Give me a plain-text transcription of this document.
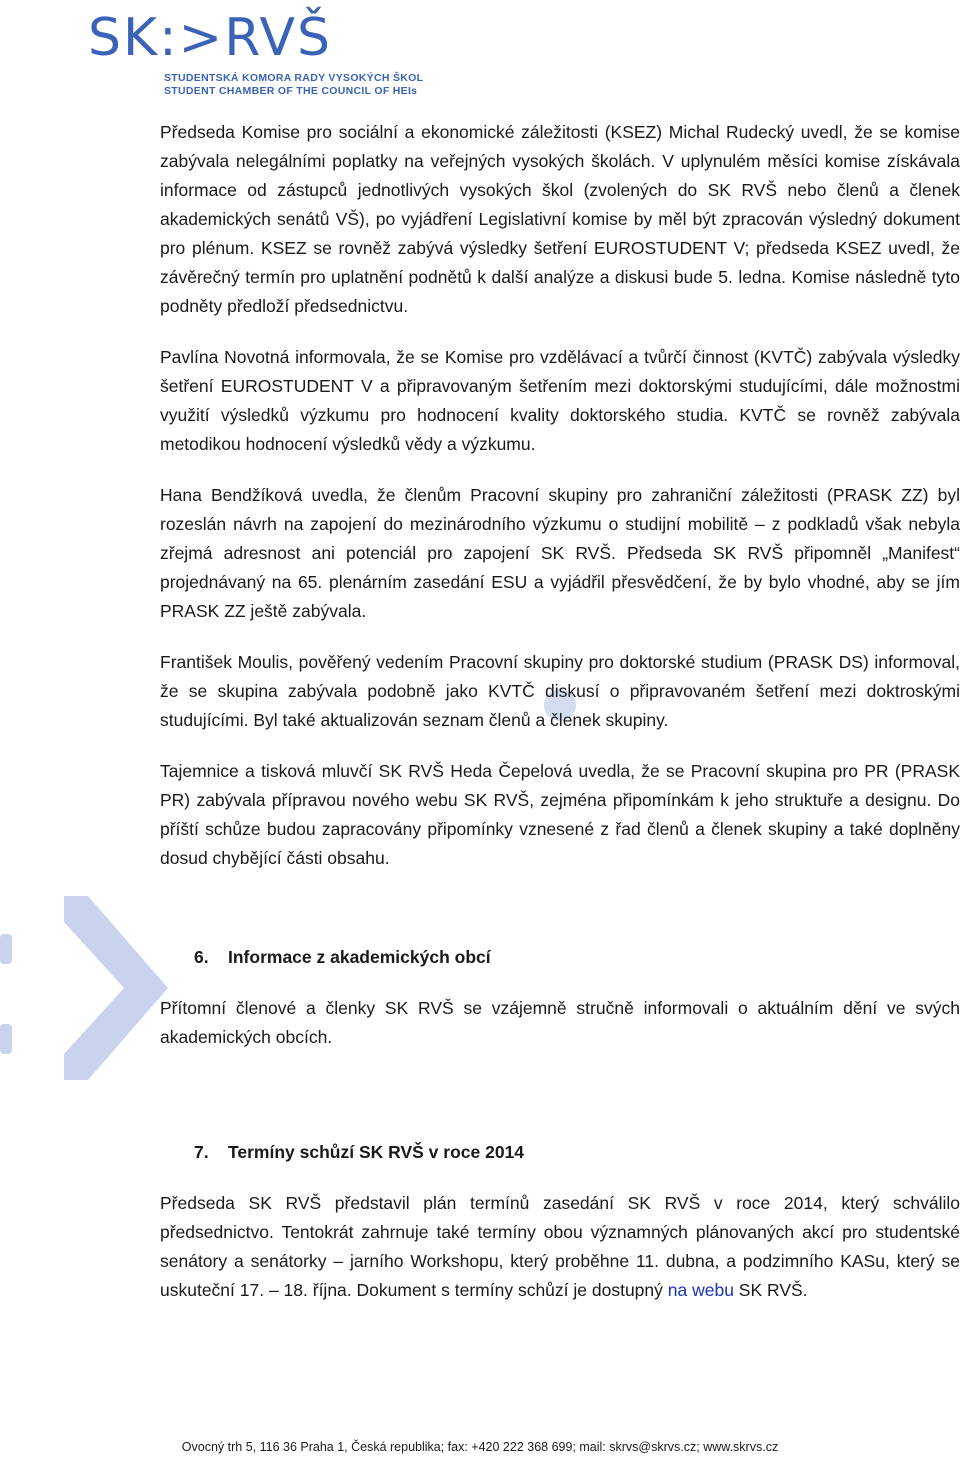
SK:>RVŠ
STUDENTSKÁ KOMORA RADY VYSOKÝCH ŠKOL
STUDENT CHAMBER OF THE COUNCIL OF HEIs

Předseda Komise pro sociální a ekonomické záležitosti (KSEZ) Michal Rudecký uvedl, že se komise zabývala nelegálními poplatky na veřejných vysokých školách. V uplynulém měsíci komise získávala informace od zástupců jednotlivých vysokých škol (zvolených do SK RVŠ nebo členů a členek akademických senátů VŠ), po vyjádření Legislativní komise by měl být zpracován výsledný dokument pro plénum. KSEZ se rovněž zabývá výsledky šetření EUROSTUDENT V; předseda KSEZ uvedl, že závěrečný termín pro uplatnění podnětů k další analýze a diskusi bude 5. ledna. Komise následně tyto podněty předloží předsednictvu.

Pavlína Novotná informovala, že se Komise pro vzdělávací a tvůrčí činnost (KVTČ) zabývala výsledky šetření EUROSTUDENT V a připravovaným šetřením mezi doktorskými studujícími, dále možnostmi využití výsledků výzkumu pro hodnocení kvality doktorského studia. KVTČ se rovněž zabývala metodikou hodnocení výsledků vědy a výzkumu.

Hana Bendžíková uvedla, že členům Pracovní skupiny pro zahraniční záležitosti (PRASK ZZ) byl rozeslán návrh na zapojení do mezinárodního výzkumu o studijní mobilitě – z podkladů však nebyla zřejmá adresnost ani potenciál pro zapojení SK RVŠ. Předseda SK RVŠ připomněl „Manifest“ projednávaný na 65. plenárním zasedání ESU a vyjádřil přesvědčení, že by bylo vhodné, aby se jím PRASK ZZ ještě zabývala.

František Moulis, pověřený vedením Pracovní skupiny pro doktorské studium (PRASK DS) informoval, že se skupina zabývala podobně jako KVTČ diskusí o připravovaném šetření mezi doktroskými studujícími. Byl také aktualizován seznam členů a členek skupiny.

Tajemnice a tisková mluvčí SK RVŠ Heda Čepelová uvedla, že se Pracovní skupina pro PR (PRASK PR) zabývala přípravou nového webu SK RVŠ, zejména připomínkám k jeho struktuře a designu. Do příští schůze budou zapracovány připomínky vznesené z řad členů a členek skupiny a také doplněny dosud chybějící části obsahu.

6. Informace z akademických obcí

Přítomní členové a členky SK RVŠ se vzájemně stručně informovali o aktuálním dění ve svých akademických obcích.

7. Termíny schůzí SK RVŠ v roce 2014

Předseda SK RVŠ představil plán termínů zasedání SK RVŠ v roce 2014, který schválilo předsednictvo. Tentokrát zahrnuje také termíny obou významných plánovaných akcí pro studentské senátory a senátorky – jarního Workshopu, který proběhne 11. dubna, a podzimního KASu, který se uskuteční 17. – 18. října. Dokument s termíny schůzí je dostupný na webu SK RVŠ.

Ovocný trh 5, 116 36 Praha 1, Česká republika; fax: +420 222 368 699; mail: skrvs@skrvs.cz; www.skrvs.cz
